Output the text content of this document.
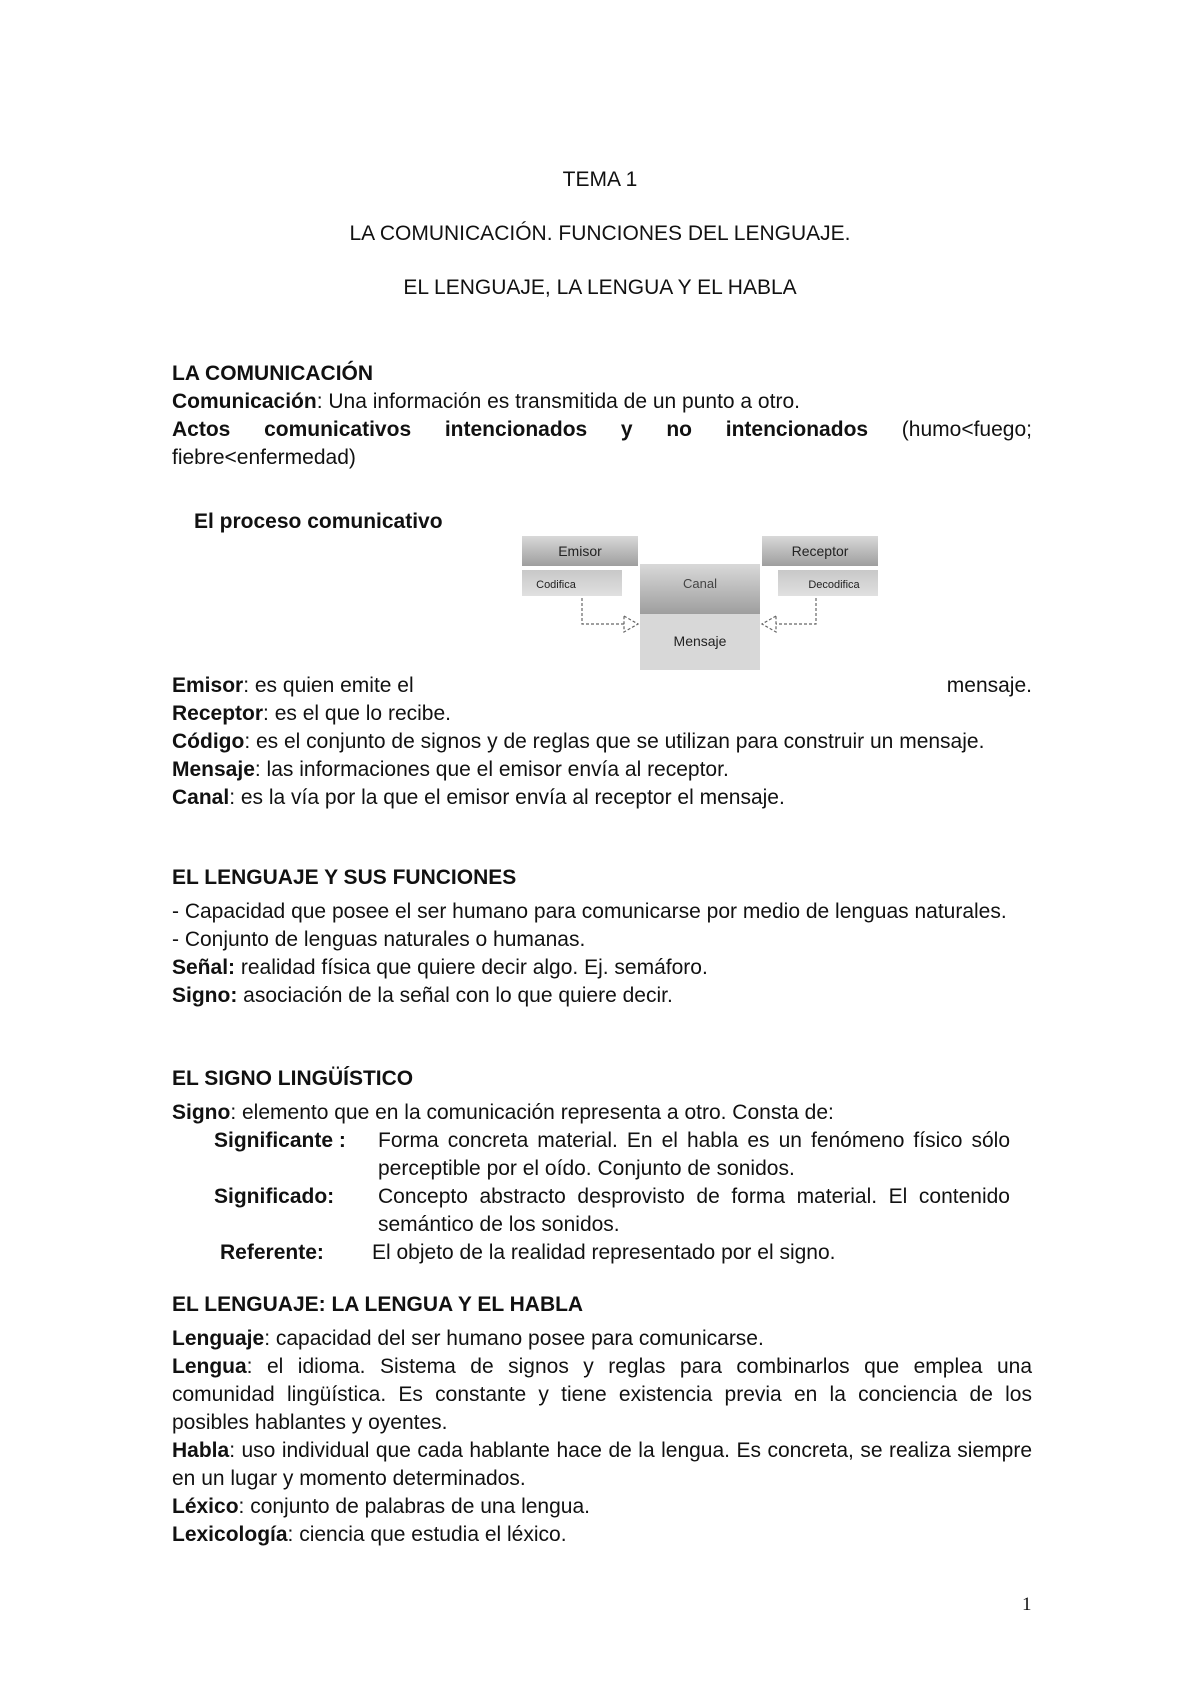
TEMA 1
LA COMUNICACIÓN. FUNCIONES DEL LENGUAJE.
EL LENGUAJE, LA LENGUA Y EL HABLA

LA COMUNICACIÓN

Comunicación: Una información es transmitida de un punto a otro.

Actos comunicativos intencionados y no intencionados (humo<fuego; fiebre<enfermedad)

El proceso comunicativo

Emisor
Codifica	Canal
Mensaje
Receptor
Decodifica

Emisor: es quien emite el	mensaje.

Receptor: es el que lo recibe.

Código: es el conjunto de signos y de reglas que se utilizan para construir un mensaje.

Mensaje: las informaciones que el emisor envía al receptor.

Canal: es la vía por la que el emisor envía al receptor el mensaje.

EL LENGUAJE Y SUS FUNCIONES

- Capacidad que posee el ser humano para comunicarse por medio de lenguas naturales.

- Conjunto de lenguas naturales o humanas.

Señal: realidad física que quiere decir algo. Ej. semáforo.

Signo: asociación de la señal con lo que quiere decir.

EL SIGNO LINGÜÍSTICO

Signo: elemento que en la comunicación representa a otro. Consta de:

Significante :	Forma concreta material. En el habla es un fenómeno físico sólo perceptible por el oído. Conjunto de sonidos.
Significado:	Concepto abstracto desprovisto de forma material. El contenido semántico de los sonidos.
Referente:	El objeto de la realidad representado por el signo.

EL LENGUAJE: LA LENGUA Y EL HABLA

Lenguaje: capacidad del ser humano posee para comunicarse.

Lengua: el idioma. Sistema de signos y reglas para combinarlos que emplea una comunidad lingüística. Es constante y tiene existencia previa en la conciencia de los posibles hablantes y oyentes.

Habla: uso individual que cada hablante hace de la lengua. Es concreta, se realiza siempre en un lugar y momento determinados.

Léxico: conjunto de palabras de una lengua.

Lexicología: ciencia que estudia el léxico.

1
